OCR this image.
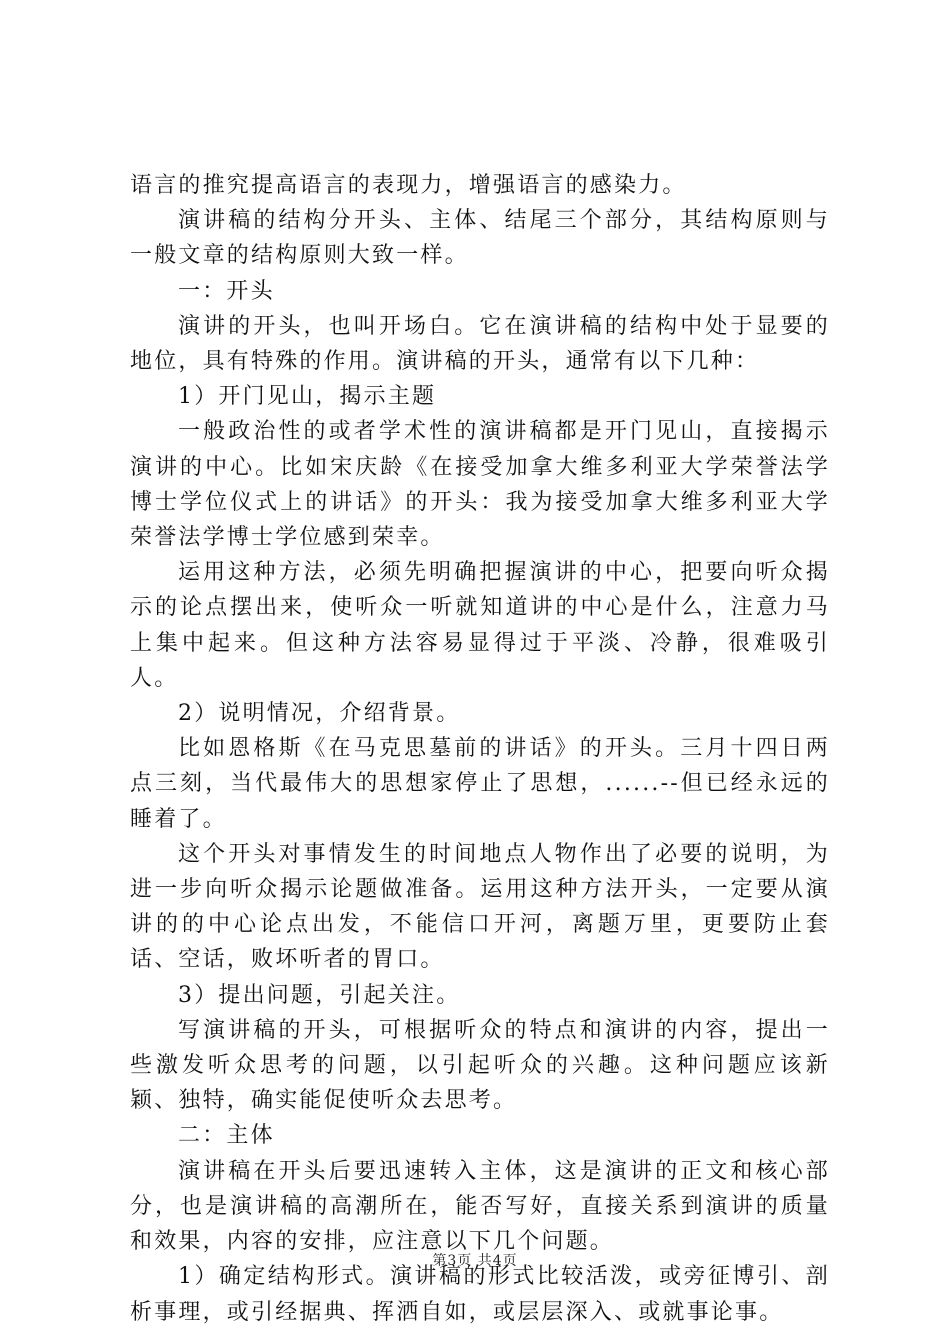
语言的推究提高语言的表现力，增强语言的感染力。

演讲稿的结构分开头、主体、结尾三个部分，其结构原则与一般文章的结构原则大致一样。

一：开头

演讲的开头，也叫开场白。它在演讲稿的结构中处于显要的地位，具有特殊的作用。演讲稿的开头，通常有以下几种：

1）开门见山，揭示主题

一般政治性的或者学术性的演讲稿都是开门见山，直接揭示演讲的中心。比如宋庆龄《在接受加拿大维多利亚大学荣誉法学博士学位仪式上的讲话》的开头：我为接受加拿大维多利亚大学荣誉法学博士学位感到荣幸。

运用这种方法，必须先明确把握演讲的中心，把要向听众揭示的论点摆出来，使听众一听就知道讲的中心是什么，注意力马上集中起来。但这种方法容易显得过于平淡、冷静，很难吸引人。

2）说明情况，介绍背景。

比如恩格斯《在马克思墓前的讲话》的开头。三月十四日两点三刻，当代最伟大的思想家停止了思想，......--但已经永远的睡着了。

这个开头对事情发生的时间地点人物作出了必要的说明，为进一步向听众揭示论题做准备。运用这种方法开头，一定要从演讲的的中心论点出发，不能信口开河，离题万里，更要防止套话、空话，败坏听者的胃口。

3）提出问题，引起关注。

写演讲稿的开头，可根据听众的特点和演讲的内容，提出一些激发听众思考的问题，以引起听众的兴趣。这种问题应该新颖、独特，确实能促使听众去思考。

二：主体

演讲稿在开头后要迅速转入主体，这是演讲的正文和核心部分，也是演讲稿的高潮所在，能否写好，直接关系到演讲的质量和效果，内容的安排，应注意以下几个问题。

1）确定结构形式。演讲稿的形式比较活泼，或旁征博引、剖析事理，或引经据典、挥洒自如，或层层深入、或就事论事。

第3页 共4页
